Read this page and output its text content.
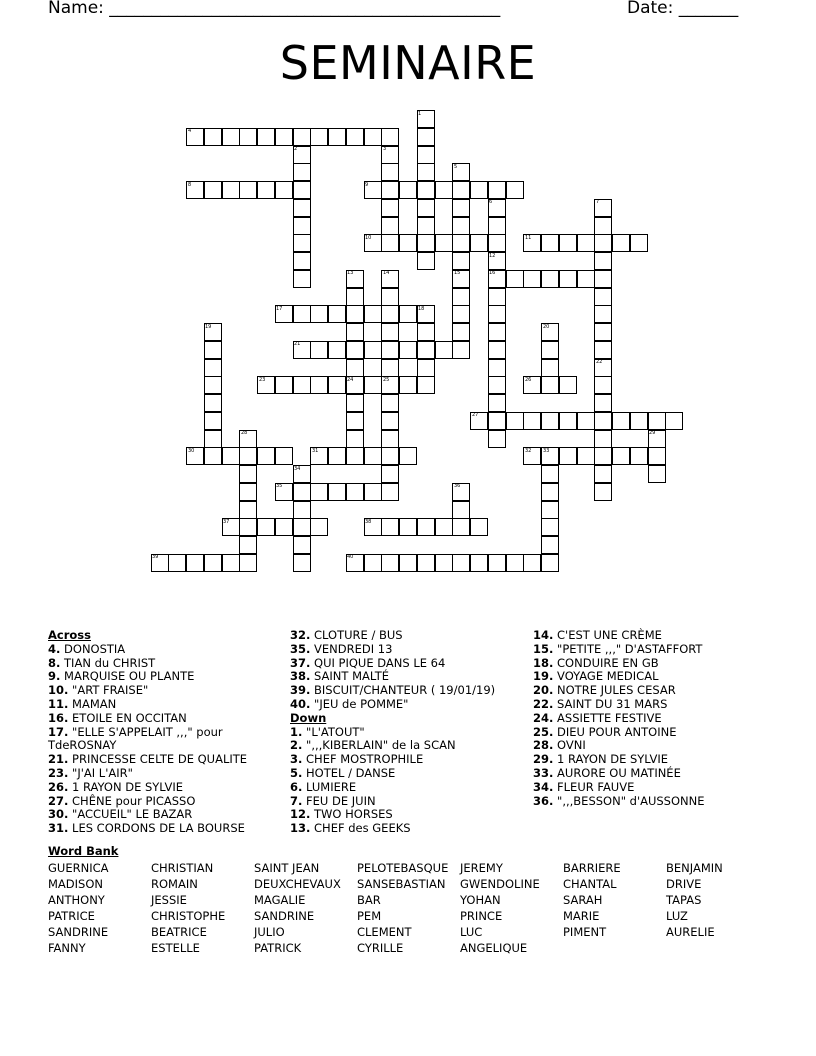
Name: ______________________________________________	Date: _______
SEMINAIRE
4
8	9
10	11
16
17
21
23	26
27
30	31	32
35
37	38
39	40
1
2	3
5
6	7
12
13	14	15
18
19	20
22
24	25
28	29
33
34
36
Across
4. DONOSTIA
8. TIAN du CHRIST
9. MARQUISE OU PLANTE
10. "ART FRAISE"
11. MAMAN
16. ETOILE EN OCCITAN
17. "ELLE S'APPELAIT ,,," pour TdeROSNAY
21. PRINCESSE CELTE DE QUALITE
23. "J'AI L'AIR"
26. 1 RAYON DE SYLVIE
27. CHÊNE pour PICASSO
30. "ACCUEIL" LE BAZAR
31. LES CORDONS DE LA BOURSE
32. CLOTURE / BUS
35. VENDREDI 13
37. QUI PIQUE DANS LE 64
38. SAINT MALTÉ
39. BISCUIT/CHANTEUR ( 19/01/19)
40. "JEU de POMME"
Down
1. "L'ATOUT"
2. ",,,KIBERLAIN" de la SCAN
3. CHEF MOSTROPHILE
5. HOTEL / DANSE
6. LUMIERE
7. FEU DE JUIN
12. TWO HORSES
13. CHEF des GEEKS
14. C'EST UNE CRÈME
15. "PETITE ,,," D'ASTAFFORT
18. CONDUIRE EN GB
19. VOYAGE MEDICAL
20. NOTRE JULES CESAR
22. SAINT DU 31 MARS
24. ASSIETTE FESTIVE
25. DIEU POUR ANTOINE
28. OVNI
29. 1 RAYON DE SYLVIE
33. AURORE OU MATINÉE
34. FLEUR FAUVE
36. ",,,BESSON" d'AUSSONNE
Word Bank
GUERNICA
MADISON
ANTHONY
PATRICE
SANDRINE
FANNY
CHRISTIAN
ROMAIN
JESSIE
CHRISTOPHE
BEATRICE
ESTELLE
SAINT JEAN
DEUXCHEVAUX
MAGALIE
SANDRINE
JULIO
PATRICK
PELOTEBASQUE
SANSEBASTIAN
BAR
PEM
CLEMENT
CYRILLE
JEREMY
GWENDOLINE
YOHAN
PRINCE
LUC
ANGELIQUE
BARRIERE
CHANTAL
SARAH
MARIE
PIMENT
BENJAMIN
DRIVE
TAPAS
LUZ
AURELIE
